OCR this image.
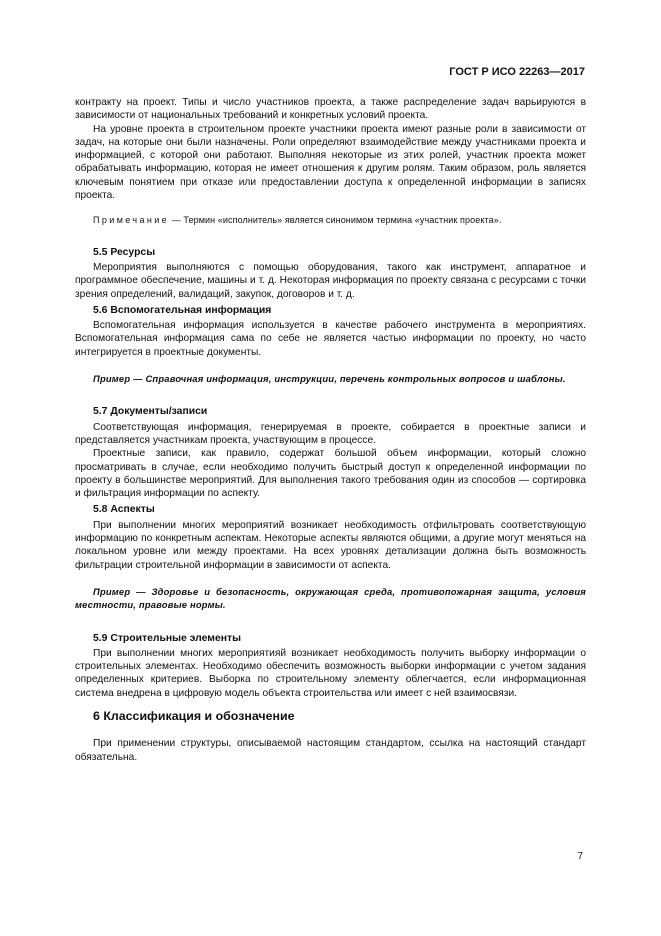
ГОСТ Р ИСО 22263—2017

контракту на проект. Типы и число участников проекта, а также распределение задач варьируются в зависимости от национальных требований и конкретных условий проекта.

На уровне проекта в строительном проекте участники проекта имеют разные роли в зависимости от задач, на которые они были назначены. Роли определяют взаимодействие между участниками проекта и информацией, с которой они работают. Выполняя некоторые из этих ролей, участник проекта может обрабатывать информацию, которая не имеет отношения к другим ролям. Таким образом, роль является ключевым понятием при отказе или предоставлении доступа к определенной информации в записях проекта.

Примечание — Термин «исполнитель» является синонимом термина «участник проекта».

5.5 Ресурсы

Мероприятия выполняются с помощью оборудования, такого как инструмент, аппаратное и программное обеспечение, машины и т. д. Некоторая информация по проекту связана с ресурсами с точки зрения определений, валидаций, закупок, договоров и т. д.

5.6 Вспомогательная информация

Вспомогательная информация используется в качестве рабочего инструмента в мероприятиях. Вспомогательная информация сама по себе не является частью информации по проекту, но часто интегрируется в проектные документы.

Пример — Справочная информация, инструкции, перечень контрольных вопросов и шаблоны.

5.7 Документы/записи

Соответствующая информация, генерируемая в проекте, собирается в проектные записи и представляется участникам проекта, участвующим в процессе.

Проектные записи, как правило, содержат большой объем информации, который сложно просматривать в случае, если необходимо получить быстрый доступ к определенной информации по проекту в большинстве мероприятий. Для выполнения такого требования один из способов — сортировка и фильтрация информации по аспекту.

5.8 Аспекты

При выполнении многих мероприятий возникает необходимость отфильтровать соответствующую информацию по конкретным аспектам. Некоторые аспекты являются общими, а другие могут меняться на локальном уровне или между проектами. На всех уровнях детализации должна быть возможность фильтрации строительной информации в зависимости от аспекта.

Пример — Здоровье и безопасность, окружающая среда, противопожарная защита, условия местности, правовые нормы.

5.9 Строительные элементы

При выполнении многих мероприятияй возникает необходимость получить выборку информации о строительных элементах. Необходимо обеспечить возможность выборки информации с учетом задания определенных критериев. Выборка по строительному элементу облегчается, если информационная система внедрена в цифровую модель объекта строительства или имеет с ней взаимосвязи.

6 Классификация и обозначение

При применении структуры, описываемой настоящим стандартом, ссылка на настоящий стандарт обязательна.

7
